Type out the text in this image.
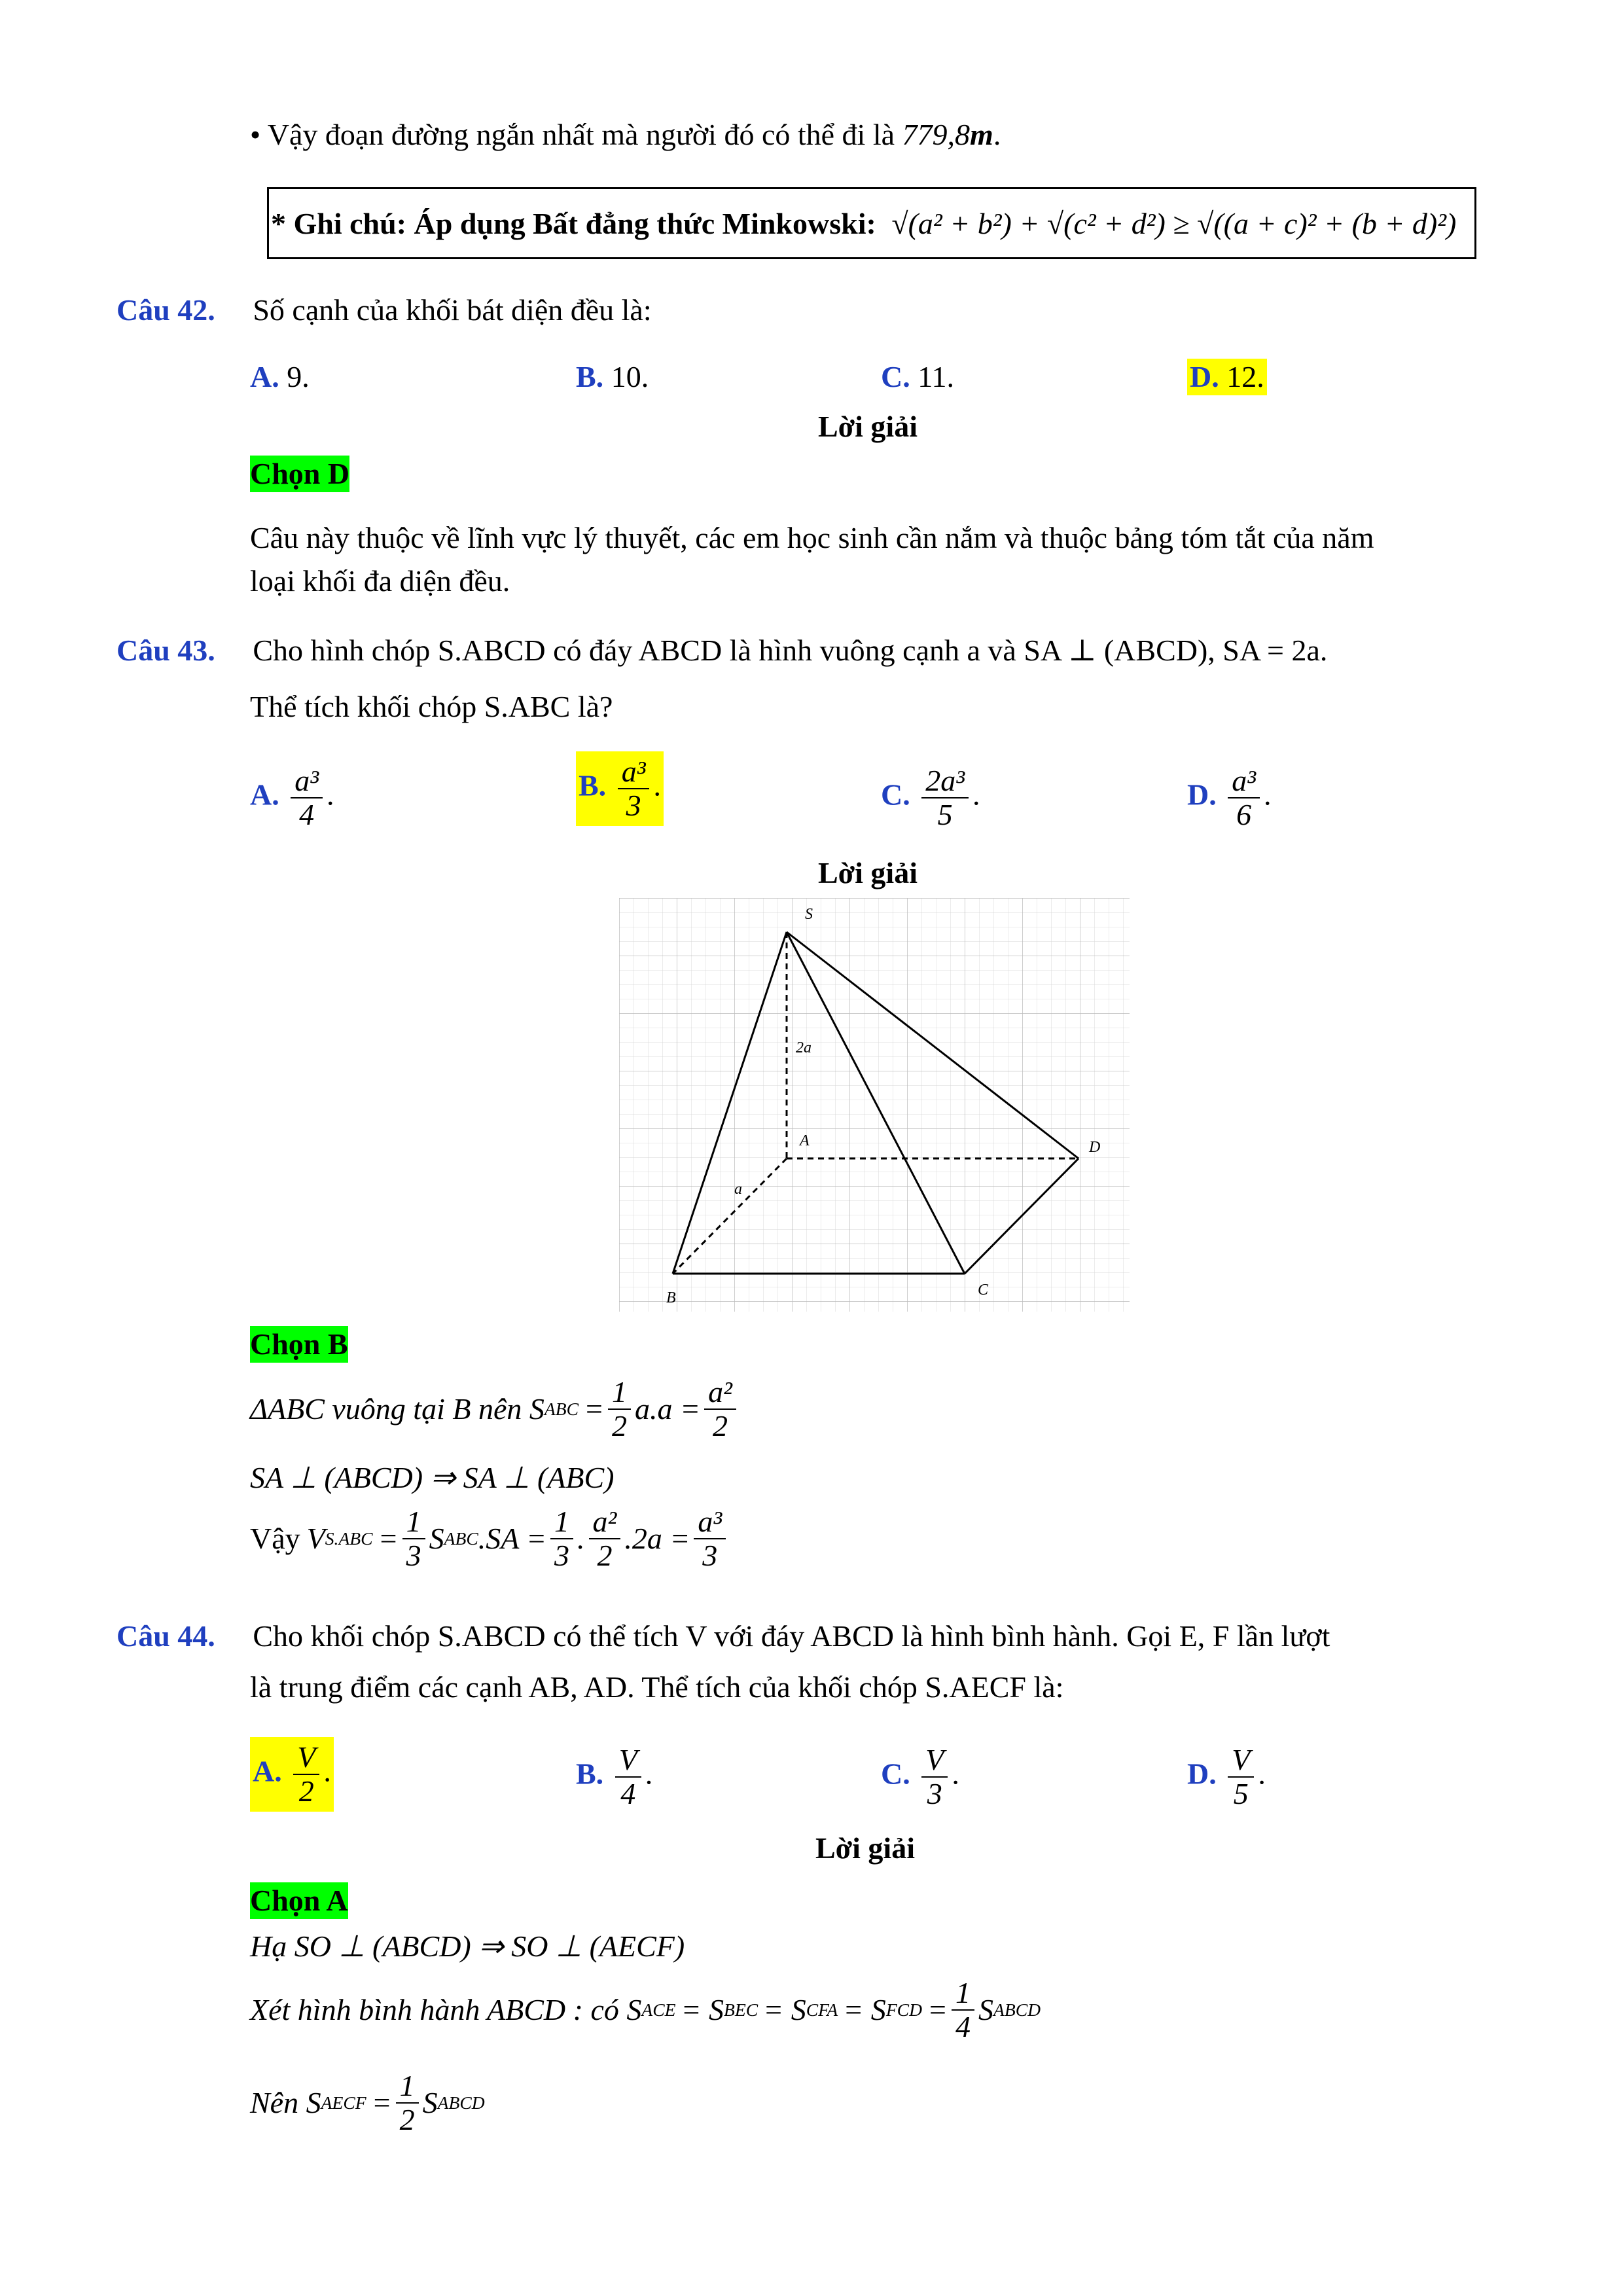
• Vậy đoạn đường ngắn nhất mà người đó có thể đi là 779,8m.
* Ghi chú: Áp dụng Bất đẳng thức Minkowski: √(a² + b²) + √(c² + d²) ≥ √((a + c)² + (b + d)²)
Câu 42. Số cạnh của khối bát diện đều là:
A. 9.	B. 10.	C. 11.	D. 12.
Lời giải
Chọn D
Câu này thuộc về lĩnh vực lý thuyết, các em học sinh cần nắm và thuộc bảng tóm tắt của năm
loại khối đa diện đều.
Câu 43. Cho hình chóp S.ABCD có đáy ABCD là hình vuông cạnh a và SA ⊥ (ABCD), SA = 2a.
Thể tích khối chóp S.ABC là?
A. $\frac{\text{a³}}{4}$ .	B. $\frac{\text{a³}}{3}$ .	C. $\frac{\text{2a³}}{5}$ .	D. $\frac{\text{a³}}{6}$ .
Lời giải
S
A
B	C
D
2a
a
Chọn B
ΔABC vuông tại B nên S ABC = $\frac{1}{2} a.a = \frac{\text{a²}}{2}$
SA ⊥ (ABCD) ⇒ SA ⊥ (ABC)
Vậy V $S.ABC = \frac{1}{3}$ S ABC $.SA = \frac{1}{3}$ . $\frac{\text{a²}}{2} .2a = \frac{\text{a³}}{3}$
Câu 44. Cho khối chóp S.ABCD có thể tích V với đáy ABCD là hình bình hành. Gọi E, F lần lượt
là trung điểm các cạnh AB, AD. Thể tích của khối chóp S.AECF là:
A. $\frac{V}{2}$ .	B. $\frac{V}{4}$ .	C. $\frac{V}{3}$ .	D. $\frac{V}{5}$ .
Lời giải
Chọn A
Hạ SO ⊥ (ABCD) ⇒ SO ⊥ (AECF)
Xét hình bình hành ABCD : có S ACE = S BEC = S CFA = S FCD = $\frac{1}{4}$ S ABCD
Nên S AECF = $\frac{1}{2}$ S ABCD
